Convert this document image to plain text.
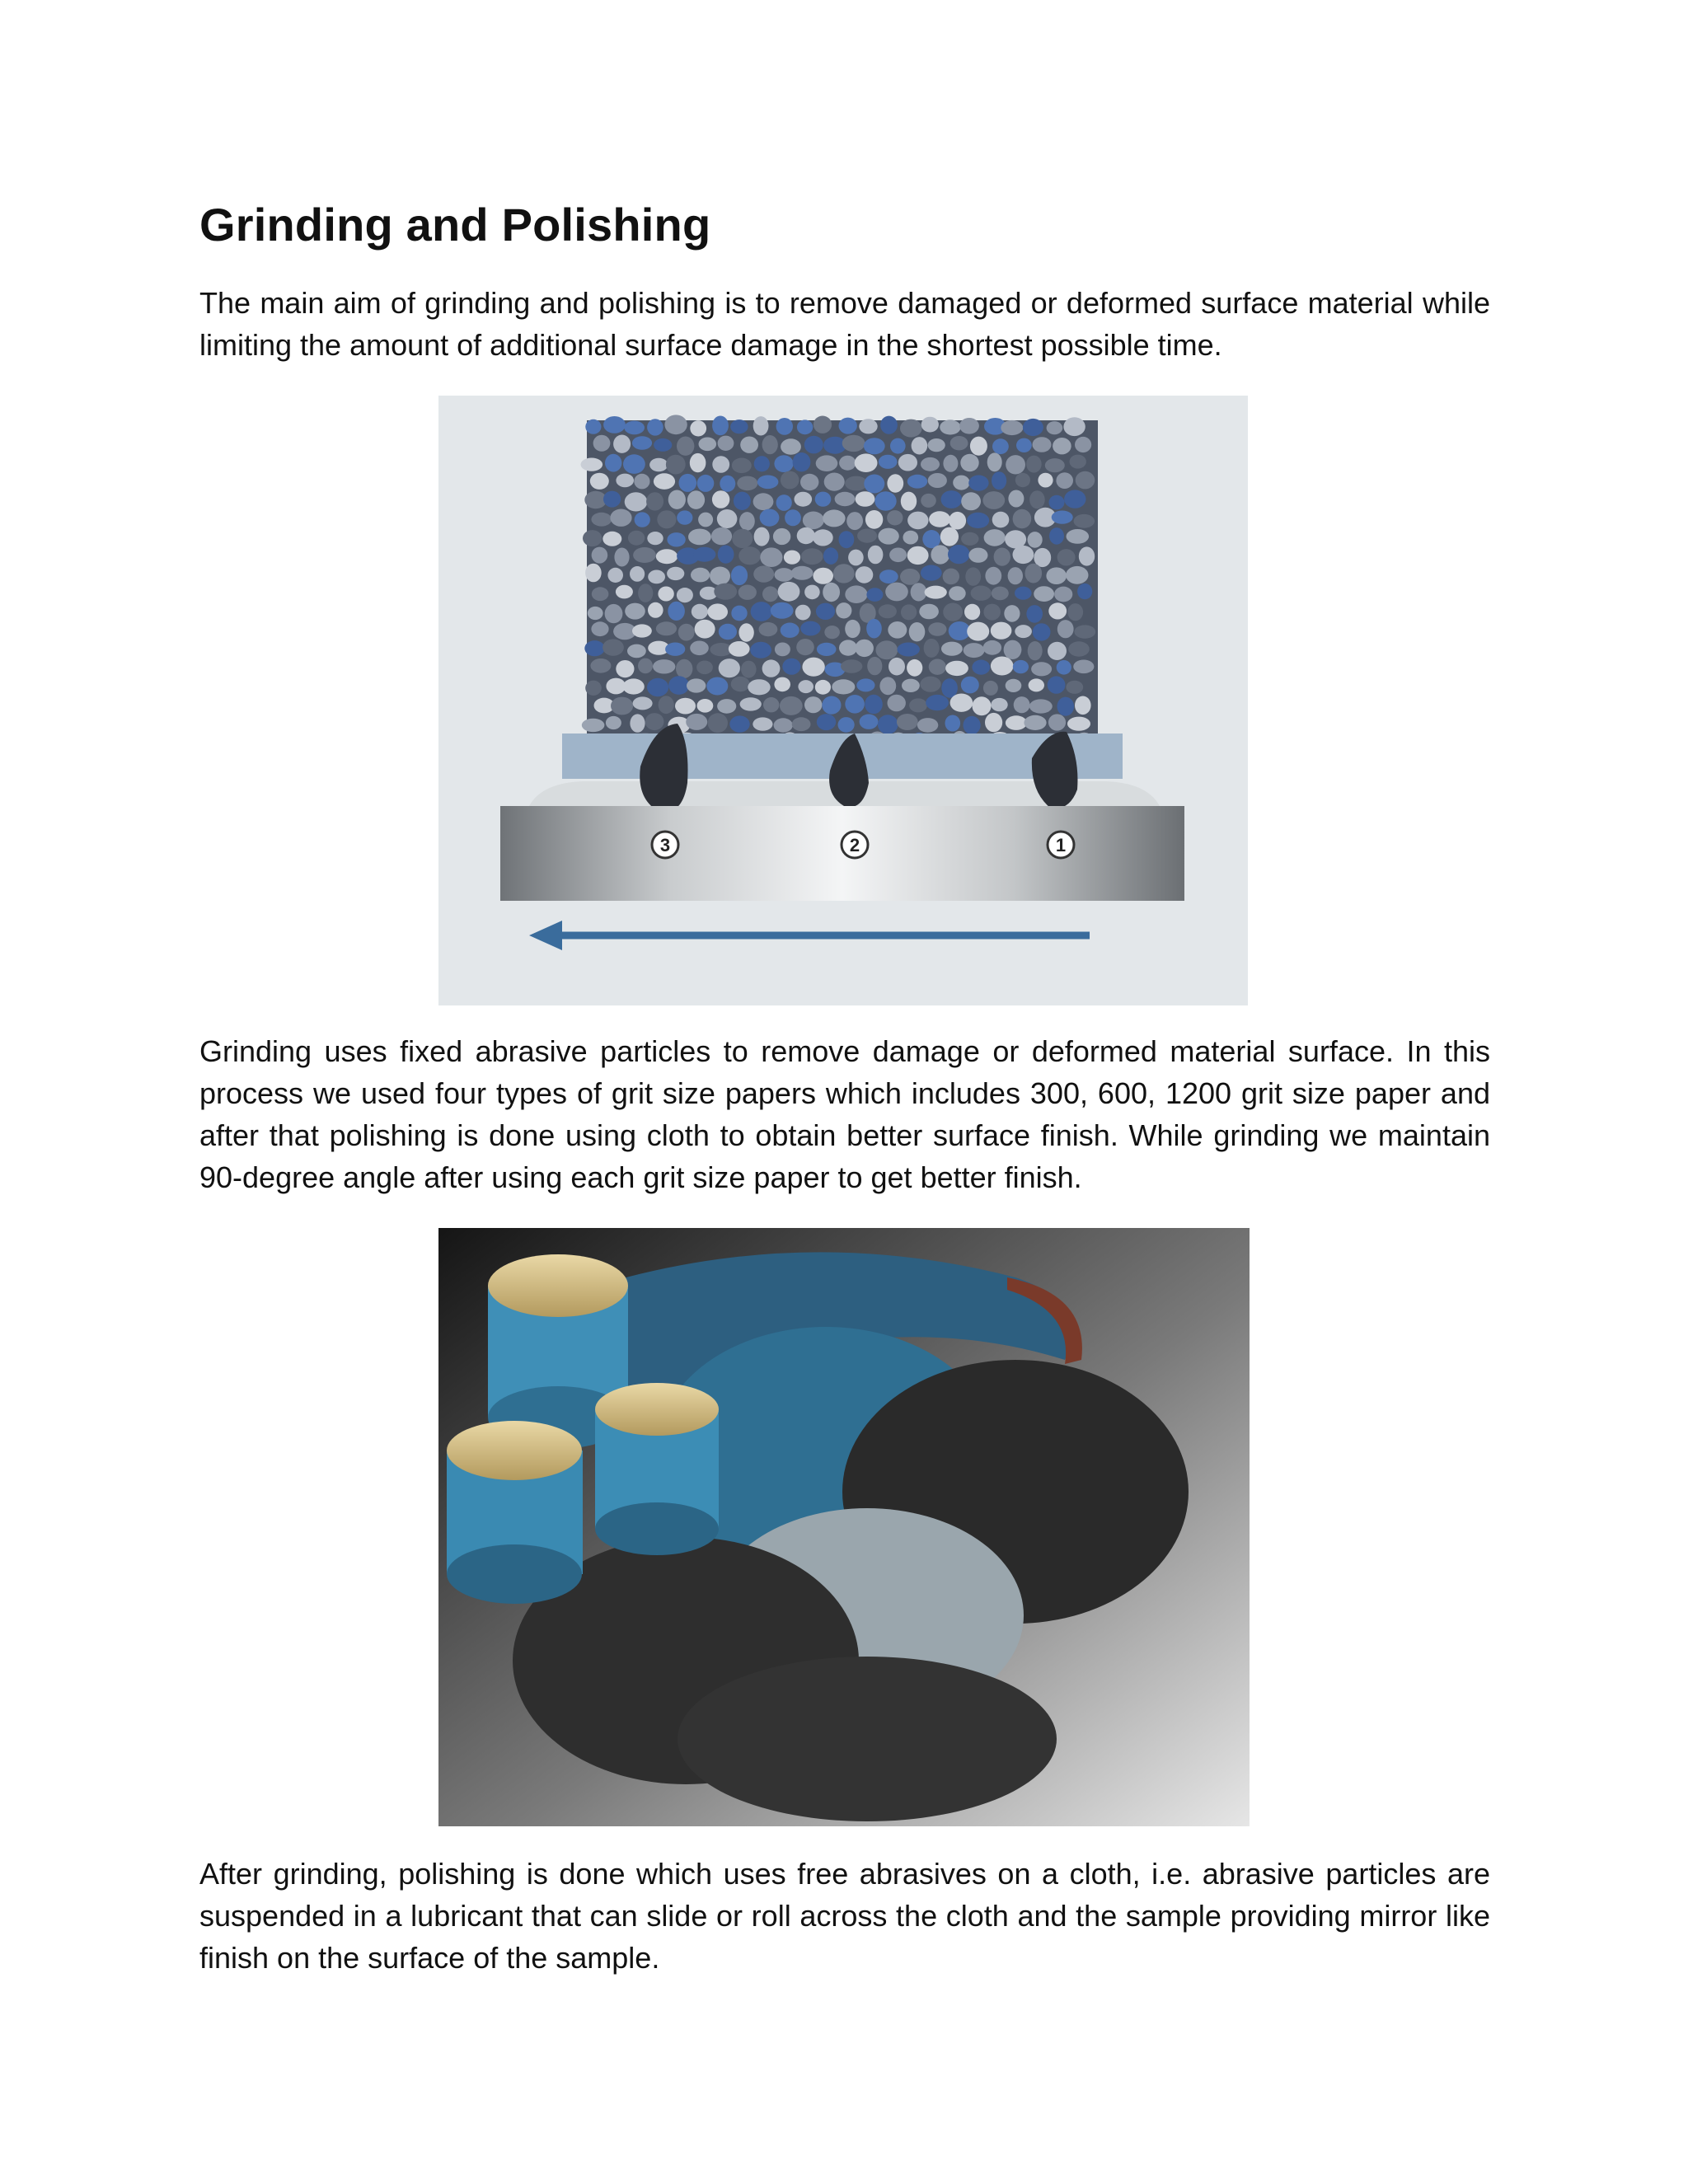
Grinding and Polishing

The main aim of grinding and polishing is to remove damaged or deformed surface material while limiting the amount of additional surface damage in the shortest possible time.

3	2	1

Grinding uses fixed abrasive particles to remove damage or deformed material surface. In this process we used four types of grit size papers which includes 300, 600, 1200 grit size paper and after that polishing is done using cloth to obtain better surface finish. While grinding we maintain 90-degree angle after using each grit size paper to get better finish.

After grinding, polishing is done which uses free abrasives on a cloth, i.e. abrasive particles are suspended in a lubricant that can slide or roll across the cloth and the sample providing mirror like finish on the surface of the sample.
